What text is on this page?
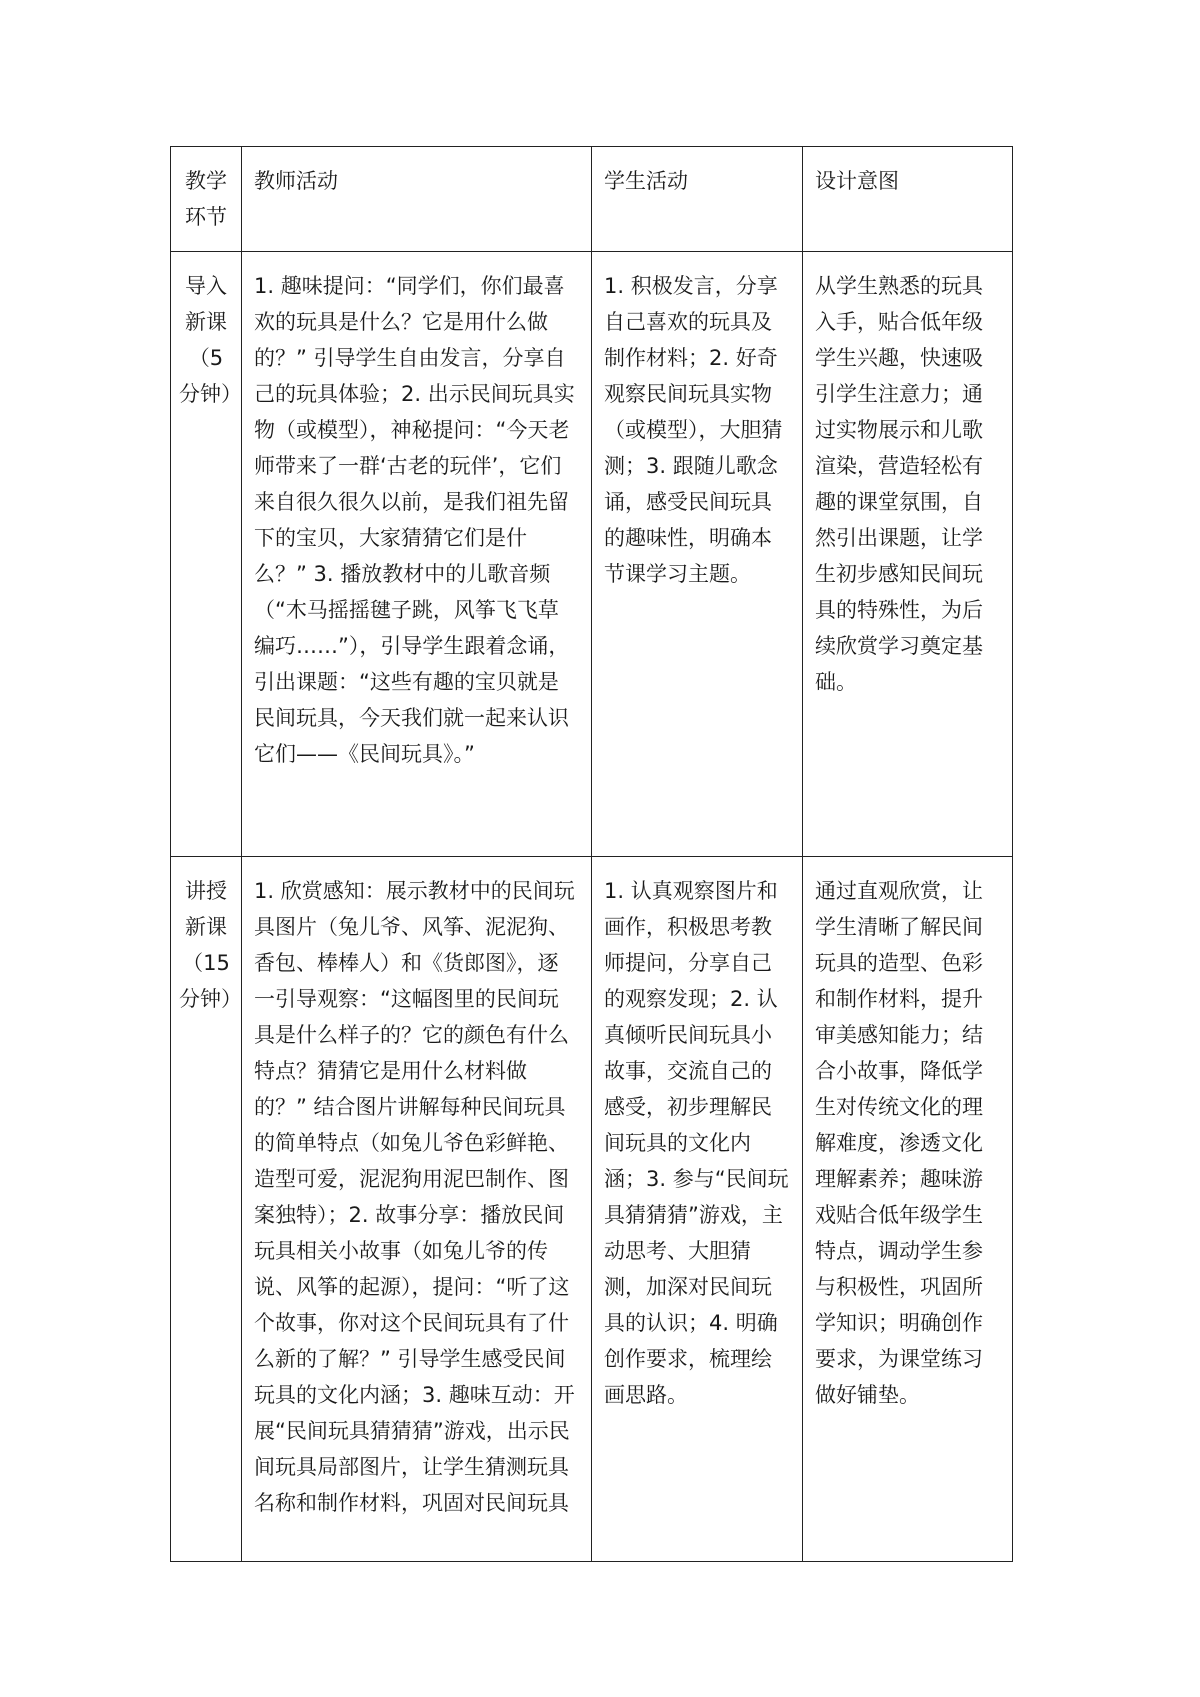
教学环节	教师活动	学生活动	设计意图
导入新课（5分钟）	1. 趣味提问：“同学们，你们最喜欢的玩具是什么？它是用什么做的？” 引导学生自由发言，分享自己的玩具体验；2. 出示民间玩具实物（或模型），神秘提问：“今天老师带来了一群‘古老的玩伴’，它们来自很久很久以前，是我们祖先留下的宝贝，大家猜猜它们是什么？” 3. 播放教材中的儿歌音频（“木马摇摇毽子跳，风筝飞飞草编巧……”），引导学生跟着念诵，引出课题：“这些有趣的宝贝就是民间玩具，今天我们就一起来认识它们——《民间玩具》。”	1. 积极发言，分享自己喜欢的玩具及制作材料；2. 好奇观察民间玩具实物（或模型），大胆猜测；3. 跟随儿歌念诵，感受民间玩具的趣味性，明确本节课学习主题。	从学生熟悉的玩具入手，贴合低年级学生兴趣，快速吸引学生注意力；通过实物展示和儿歌渲染，营造轻松有趣的课堂氛围，自然引出课题，让学生初步感知民间玩具的特殊性，为后续欣赏学习奠定基础。
讲授新课（15分钟）	1. 欣赏感知：展示教材中的民间玩具图片（兔儿爷、风筝、泥泥狗、香包、棒棒人）和《货郎图》，逐一引导观察：“这幅图里的民间玩具是什么样子的？它的颜色有什么特点？猜猜它是用什么材料做的？” 结合图片讲解每种民间玩具的简单特点（如兔儿爷色彩鲜艳、造型可爱，泥泥狗用泥巴制作、图案独特）；2. 故事分享：播放民间玩具相关小故事（如兔儿爷的传说、风筝的起源），提问：“听了这个故事，你对这个民间玩具有了什么新的了解？” 引导学生感受民间玩具的文化内涵；3. 趣味互动：开展“民间玩具猜猜猜”游戏，出示民间玩具局部图片，让学生猜测玩具名称和制作材料，巩固对民间玩具	1. 认真观察图片和画作，积极思考教师提问，分享自己的观察发现；2. 认真倾听民间玩具小故事，交流自己的感受，初步理解民间玩具的文化内涵；3. 参与“民间玩具猜猜猜”游戏，主动思考、大胆猜测，加深对民间玩具的认识；4. 明确创作要求，梳理绘画思路。	通过直观欣赏，让学生清晰了解民间玩具的造型、色彩和制作材料，提升审美感知能力；结合小故事，降低学生对传统文化的理解难度，渗透文化理解素养；趣味游戏贴合低年级学生特点，调动学生参与积极性，巩固所学知识；明确创作要求，为课堂练习做好铺垫。
